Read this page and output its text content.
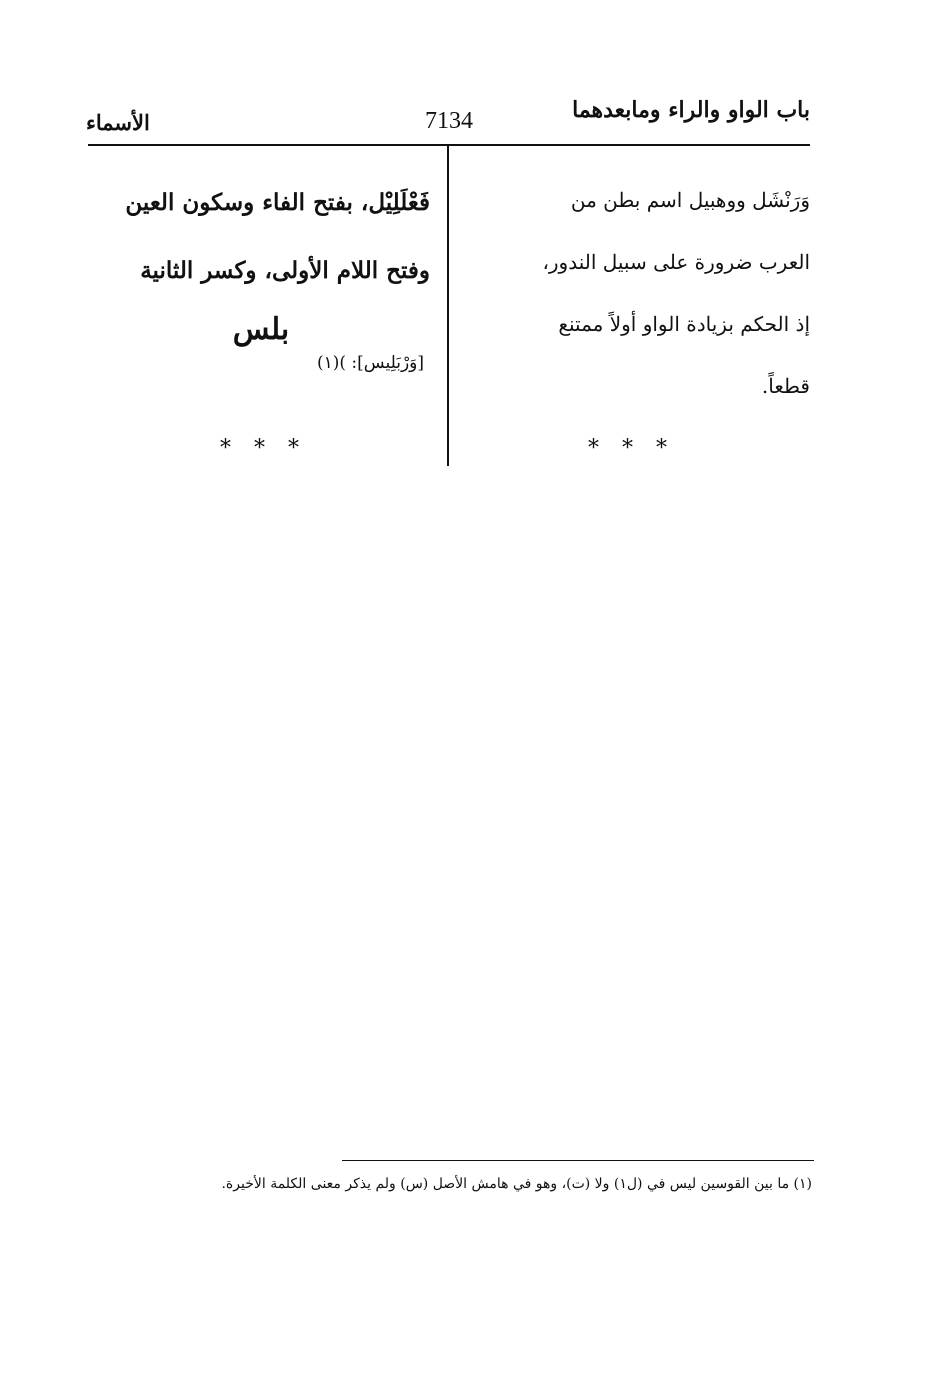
باب الواو والراء ومابعدهما
7134
الأسماء
وَرَنْشَل ووهبيل اسم بطن من
العرب ضرورة على سبيل الندور،
إذ الحكم بزيادة الواو أولاً ممتنع
قطعاً.
* * *
فَعْلَلِيْل، بفتح الفاء وسكون العين
وفتح اللام الأولى، وكسر الثانية
بلس
[وَرْبَلِيس]: )(١)
* * *
(١) ما بين القوسين ليس في (ل١) ولا (ت)، وهو في هامش الأصل (س) ولم يذكر معنى الكلمة الأخيرة.
